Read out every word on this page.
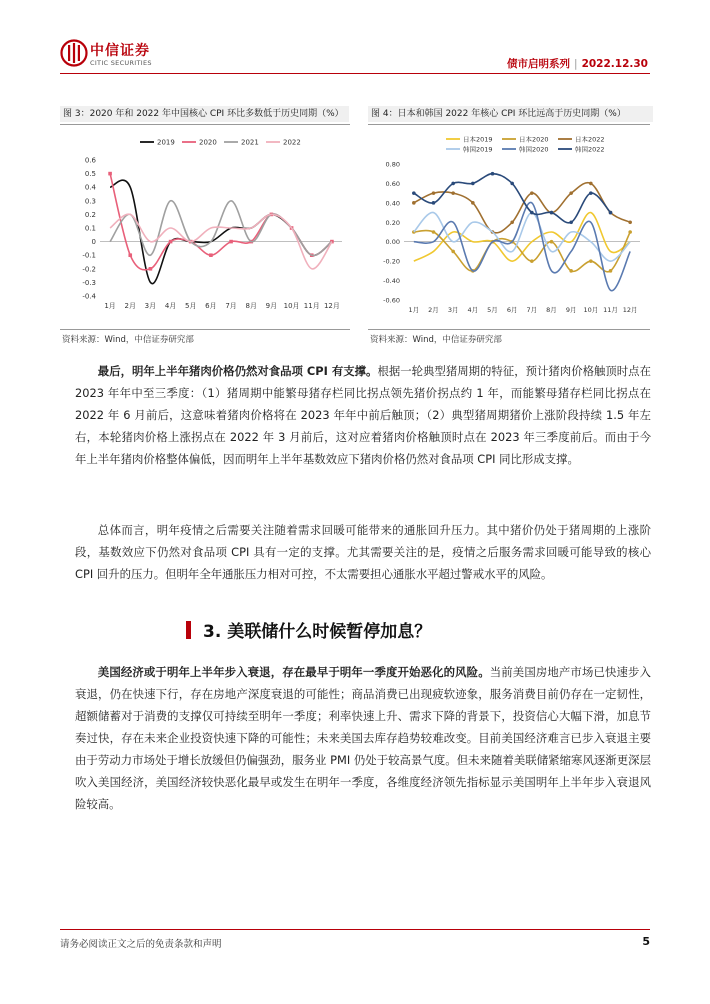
中信证券
CITIC SECURITIES	债市启明系列 | 2022.12.30
图 3：2020 年和 2022 年中国核心 CPI 环比多数低于历史同期（%）	图 4：日本和韩国 2022 年核心 CPI 环比远高于历史同期（%）
0.6
0.5
0.4
0.3
0.2
0.1
0
-0.1
-0.2
-0.3
-0.4
1月 2月 3月 4月 5月 6月 7月 8月 9月 10月 11月 12月
2019	2020	2021	2022
0.80
0.60
0.40
0.20
0.00
-0.20
-0.40
-0.60
1月 2月 3月 4月 5月 6月 7月 8月 9月 10月 11月 12月
日本2019	日本2020	日本2022
韩国2019	韩国2020	韩国2022
资料来源：Wind，中信证券研究部	资料来源：Wind，中信证券研究部

最后，明年上半年猪肉价格仍然对食品项 CPI 有支撑。根据一轮典型猪周期的特征，预计猪肉价格触顶时点在 2023 年年中至三季度：（1）猪周期中能繁母猪存栏同比拐点领先猪价拐点约 1 年，而能繁母猪存栏同比拐点在 2022 年 6 月前后，这意味着猪肉价格将在 2023 年年中前后触顶；（2）典型猪周期猪价上涨阶段持续 1.5 年左右，本轮猪肉价格上涨拐点在 2022 年 3 月前后，这对应着猪肉价格触顶时点在 2023 年三季度前后。而由于今年上半年猪肉价格整体偏低，因而明年上半年基数效应下猪肉价格仍然对食品项 CPI 同比形成支撑。

总体而言，明年疫情之后需要关注随着需求回暖可能带来的通胀回升压力。其中猪价仍处于猪周期的上涨阶段，基数效应下仍然对食品项 CPI 具有一定的支撑。尤其需要关注的是，疫情之后服务需求回暖可能导致的核心 CPI 回升的压力。但明年全年通胀压力相对可控，不太需要担心通胀水平超过警戒水平的风险。

3. 美联储什么时候暂停加息？

美国经济或于明年上半年步入衰退，存在最早于明年一季度开始恶化的风险。当前美国房地产市场已快速步入衰退，仍在快速下行，存在房地产深度衰退的可能性；商品消费已出现疲软迹象，服务消费目前仍存在一定韧性，超额储蓄对于消费的支撑仅可持续至明年一季度；利率快速上升、需求下降的背景下，投资信心大幅下滑，加息节奏过快，存在未来企业投资快速下降的可能性；未来美国去库存趋势较难改变。目前美国经济难言已步入衰退主要由于劳动力市场处于增长放缓但仍偏强劲，服务业 PMI 仍处于较高景气度。但未来随着美联储紧缩寒风逐渐更深层吹入美国经济，美国经济较快恶化最早或发生在明年一季度，各维度经济领先指标显示美国明年上半年步入衰退风险较高。

请务必阅读正文之后的免责条款和声明	5
